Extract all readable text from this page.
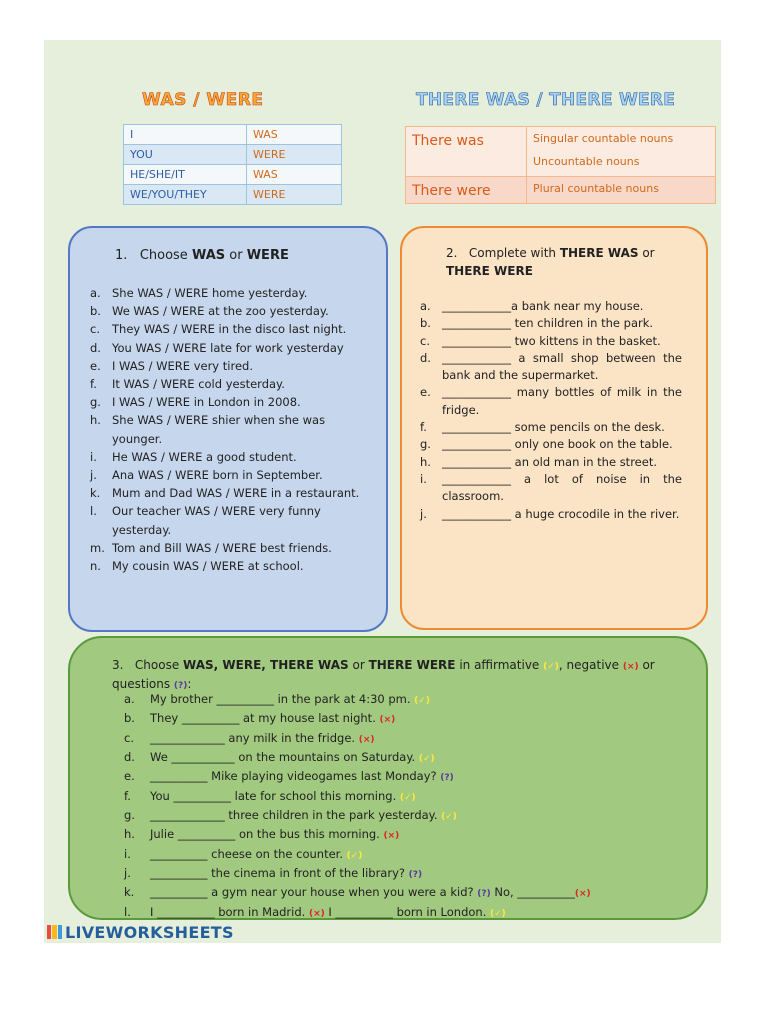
WAS / WERE	THERE WAS / THERE WERE
I	WAS
YOU	WERE
HE/SHE/IT	WAS
WE/YOU/THEY	WERE
There was	Singular countable nouns
Uncountable nouns

There were	Plural countable nouns
1. Choose WAS or WERE
a. She WAS / WERE home yesterday.
b. We WAS / WERE at the zoo yesterday.
c. They WAS / WERE in the disco last night.
d. You WAS / WERE late for work yesterday
e. I WAS / WERE very tired.
f. It WAS / WERE cold yesterday.
g. I WAS / WERE in London in 2008.
h. She WAS / WERE shier when she was younger.
i. He WAS / WERE a good student.
j. Ana WAS / WERE born in September.
k. Mum and Dad WAS / WERE in a restaurant.
l. Our teacher WAS / WERE very funny yesterday.
m. Tom and Bill WAS / WERE best friends.
n. My cousin WAS / WERE at school.
2. Complete with THERE WAS or THERE WERE
a. ____________a bank near my house.
b. ____________ ten children in the park.
c. ____________ two kittens in the basket.
d. ____________ a small shop between the bank and the supermarket.
e. ____________ many bottles of milk in the fridge.
f. ____________ some pencils on the desk.
g. ____________ only one book on the table.
h. ____________ an old man in the street.
i. ____________ a lot of noise in the classroom.
j. ____________ a huge crocodile in the river.
3. Choose WAS, WERE, THERE WAS or THERE WERE in affirmative (✓), negative (×) or questions (?):
a. My brother __________ in the park at 4:30 pm. (✓)
b. They __________ at my house last night. (×)
c. _____________ any milk in the fridge. (×)
d. We ___________ on the mountains on Saturday. (✓)
e. __________ Mike playing videogames last Monday? (?)
f. You __________ late for school this morning. (✓)
g. _____________ three children in the park yesterday. (✓)
h. Julie __________ on the bus this morning. (×)
i. __________ cheese on the counter. (✓)
j. __________ the cinema in front of the library? (?)
k. __________ a gym near your house when you were a kid? (?) No, __________(×)
l. I __________ born in Madrid. (×) I __________ born in London. (✓)
LIVEWORKSHEETS
